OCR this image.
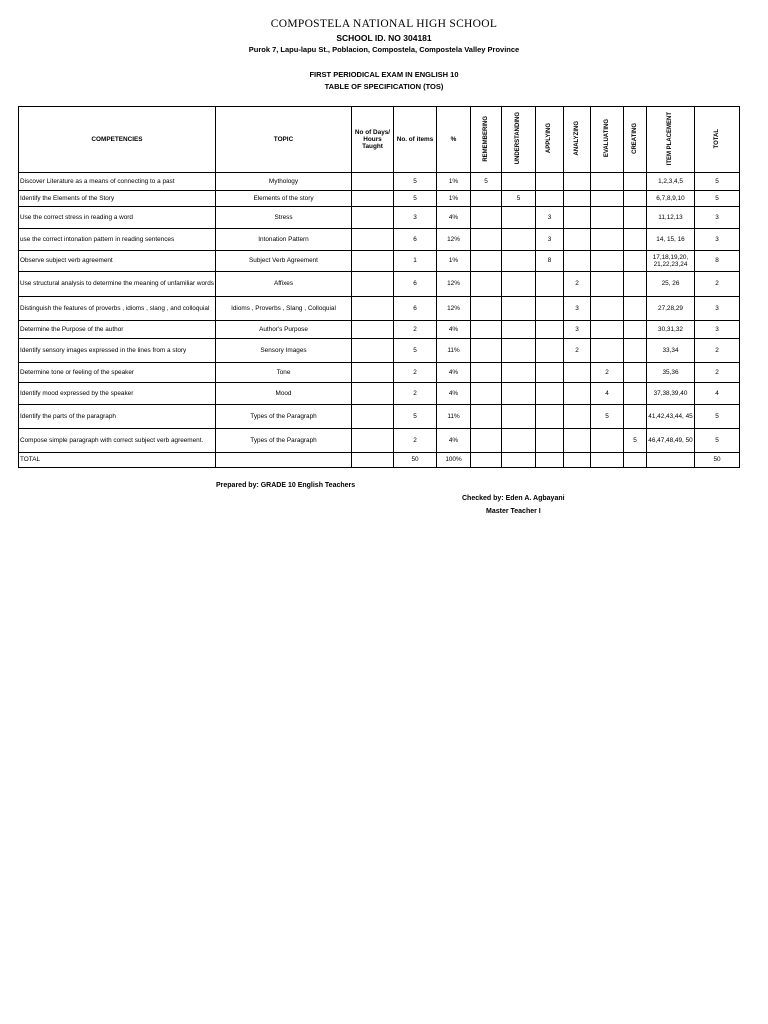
COMPOSTELA NATIONAL HIGH SCHOOL
SCHOOL ID. NO 304181
Purok 7, Lapu-lapu St., Poblacion, Compostela, Compostela Valley Province
FIRST PERIODICAL EXAM IN ENGLISH 10
TABLE OF SPECIFICATION (TOS)
COMPETENCIES	TOPIC	No of Days/ Hours Taught	No. of items	%	REMEMBERING	UNDERSTANDING	APPLYING	ANALYZING	EVALUATING	CREATING	ITEM PLACEMENT	TOTAL
Discover Literature as a means of connecting to a past	Mythology		5	1%	5						1,2,3,4,5	5
Identify the Elements of the Story	Elements of the story		5	1%		5					6,7,8,9,10	5
Use the correct stress in reading a word	Stress		3	4%			3				11,12,13	3
use the correct intonation pattern in reading sentences	Intonation Pattern		6	12%			3				14, 15, 16	3
Observe subject verb agreement	Subject Verb Agreement		1	1%			8				17,18,19,20, 21,22,23,24	8
Use structural analysis to determine the meaning of unfamiliar words	Affixes		6	12%				2			25, 26	2
Distinguish the features of proverbs , idioms , slang , and colloquial	Idioms , Proverbs , Slang , Colloquial		6	12%				3			27,28,29	3
Determine the Purpose of the author	Author's Purpose		2	4%				3			30,31,32	3
Identify sensory images expressed in the lines from a story	Sensory Images		5	11%				2			33,34	2
Determine tone or feeling of the speaker	Tone		2	4%					2		35,36	2
Identify mood expressed by the speaker	Mood		2	4%					4		37,38,39,40	4
Identify the parts of the paragraph	Types of the Paragraph		5	11%					5		41,42,43,44, 45	5
Compose simple paragraph with correct subject verb agreement.	Types of the Paragraph		2	4%						5	46,47,48,49, 50	5
TOTAL			50	100%								50
Prepared by: GRADE 10 English Teachers
Checked by: Eden A. Agbayani
Master Teacher I
